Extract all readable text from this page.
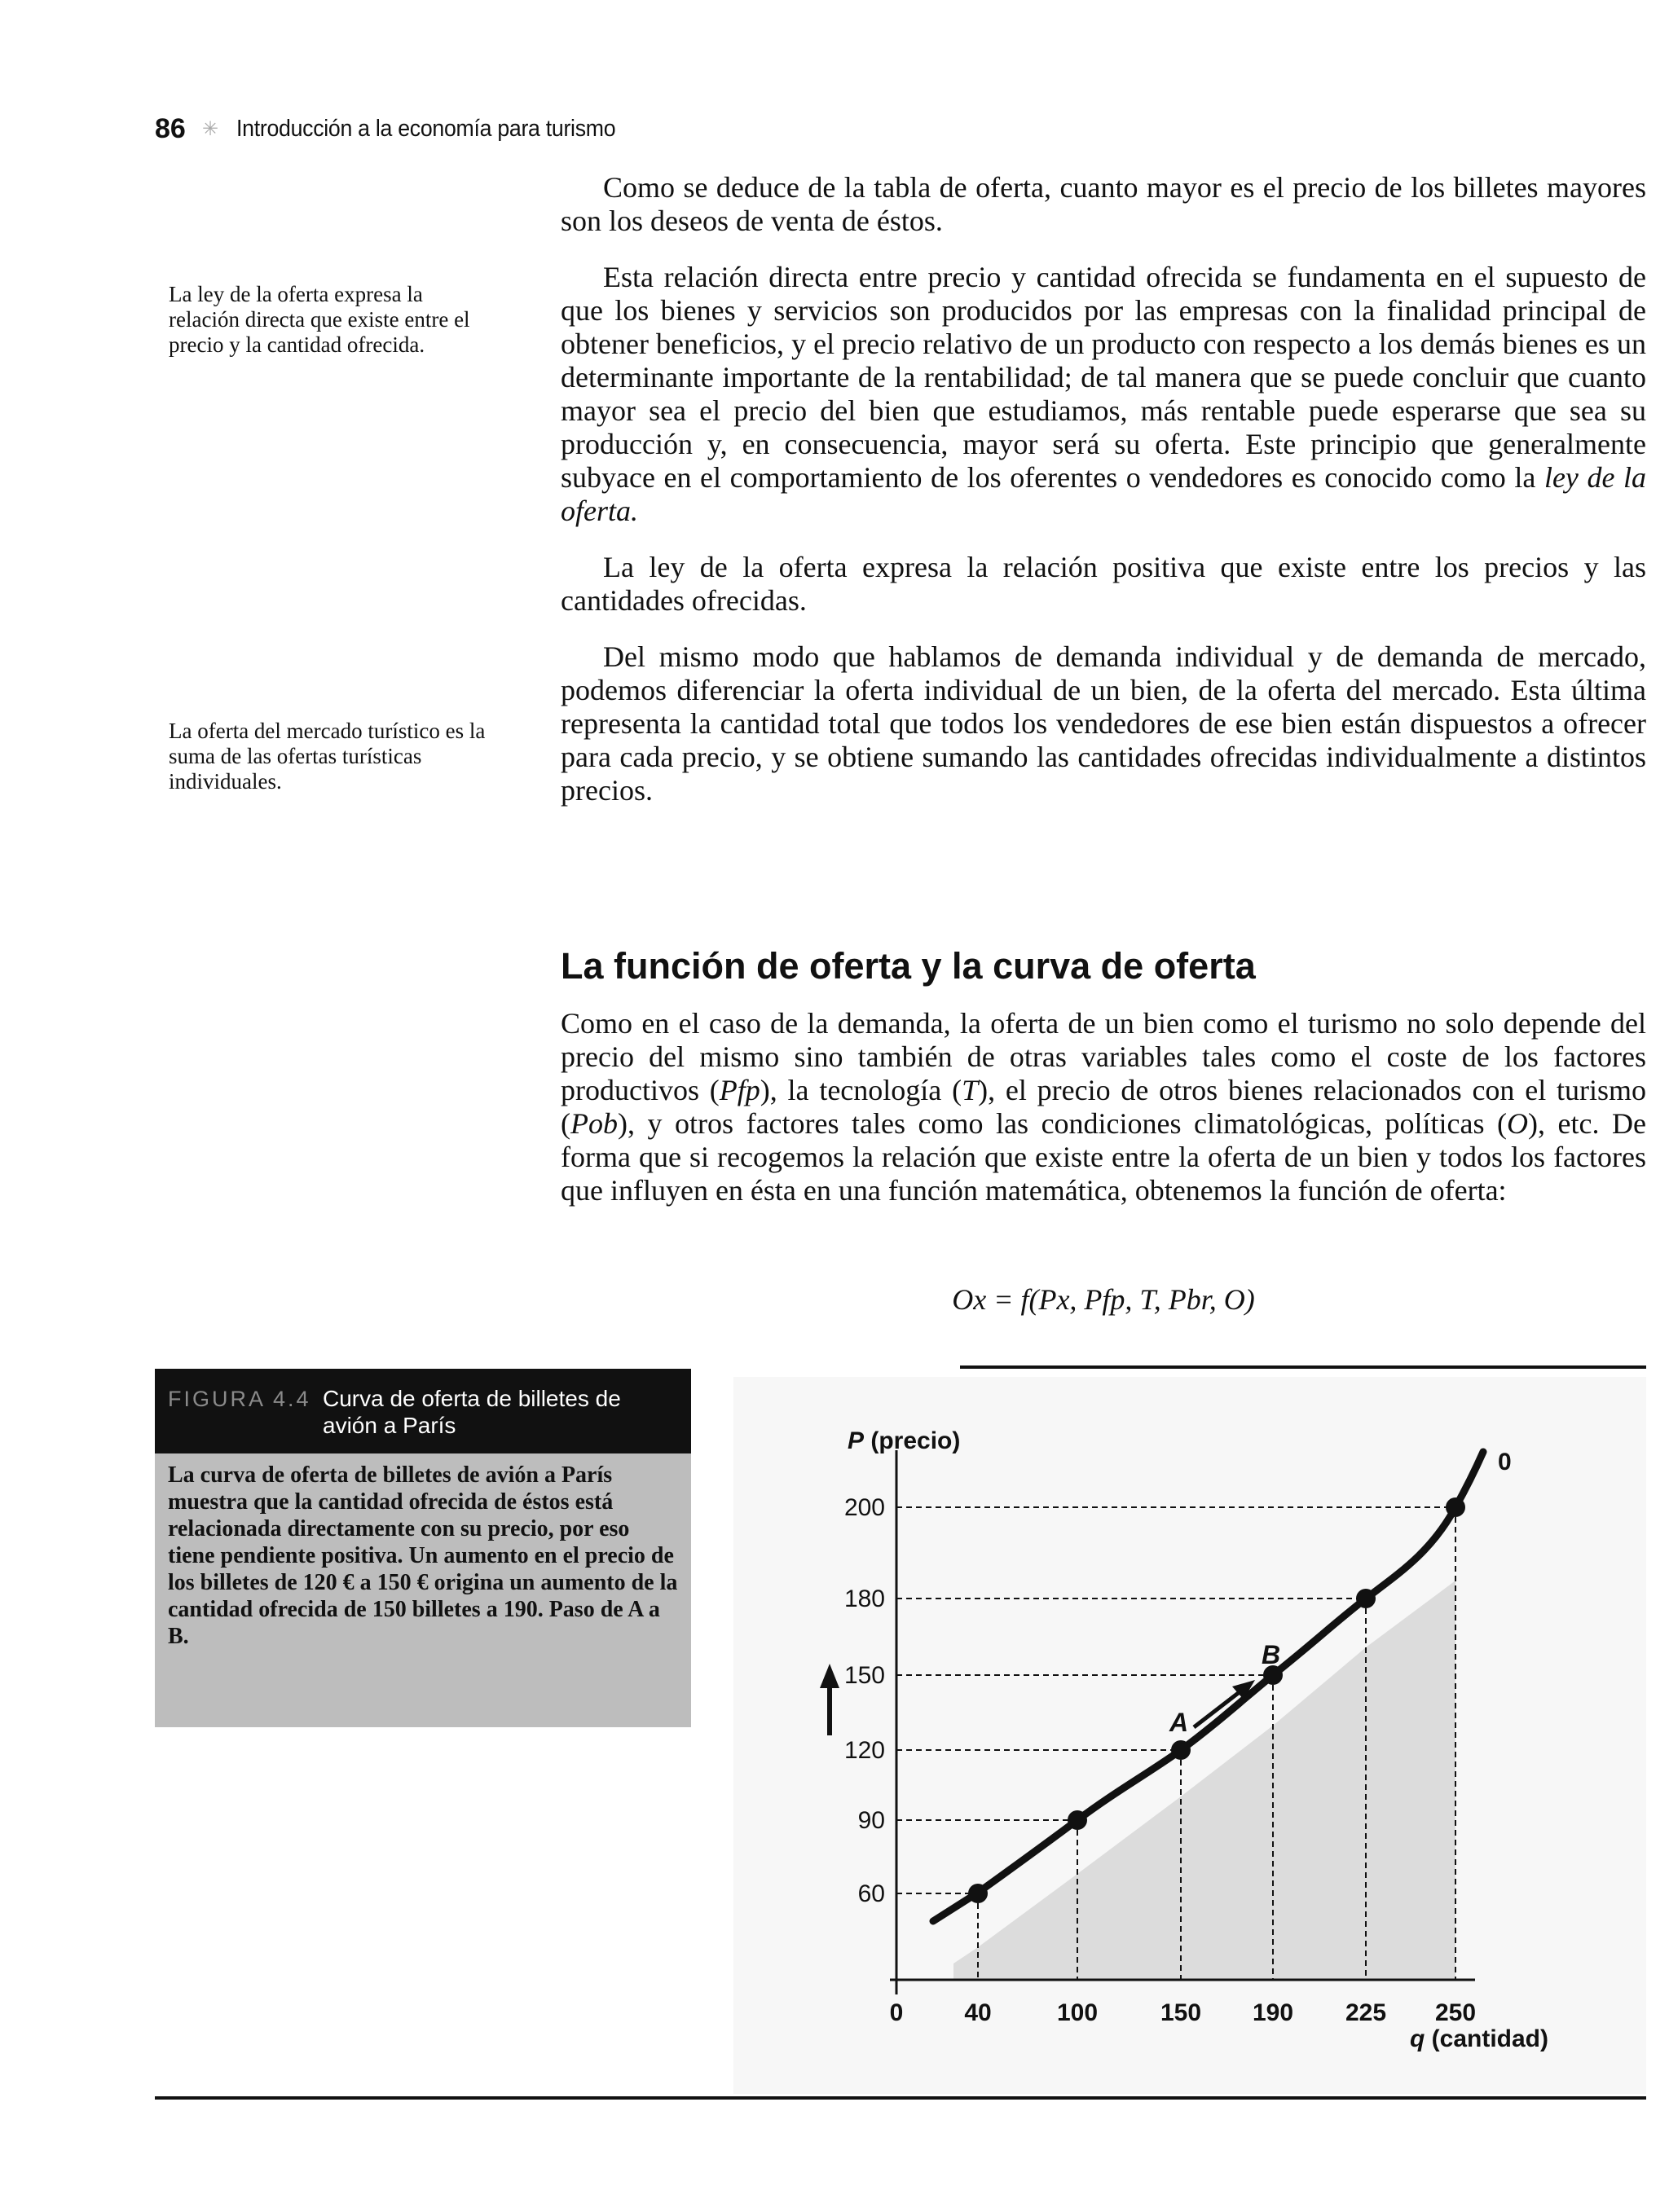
86 ✳ Introducción a la economía para turismo
La ley de la oferta expresa la relación directa que existe entre el precio y la cantidad ofrecida.
La oferta del mercado turístico es la suma de las ofertas turísticas individuales.

Como se deduce de la tabla de oferta, cuanto mayor es el precio de los billetes mayores son los deseos de venta de éstos.

Esta relación directa entre precio y cantidad ofrecida se fundamenta en el supuesto de que los bienes y servicios son producidos por las empresas con la finalidad principal de obtener beneficios, y el precio relativo de un producto con respecto a los demás bienes es un determinante importante de la rentabilidad; de tal manera que se puede concluir que cuanto mayor sea el precio del bien que estudiamos, más rentable puede esperarse que sea su producción y, en consecuencia, mayor será su oferta. Este principio que generalmente subyace en el comportamiento de los oferentes o vendedores es conocido como la ley de la oferta.

La ley de la oferta expresa la relación positiva que existe entre los precios y las cantidades ofrecidas.

Del mismo modo que hablamos de demanda individual y de demanda de mercado, podemos diferenciar la oferta individual de un bien, de la oferta del mercado. Esta última representa la cantidad total que todos los vendedores de ese bien están dispuestos a ofrecer para cada precio, y se obtiene sumando las cantidades ofrecidas individualmente a distintos precios.

La función de oferta y la curva de oferta

Como en el caso de la demanda, la oferta de un bien como el turismo no solo depende del precio del mismo sino también de otras variables tales como el coste de los factores productivos (Pfp), la tecnología (T), el precio de otros bienes relacionados con el turismo (Pob), y otros factores tales como las condiciones climatológicas, políticas (O), etc. De forma que si recogemos la relación que existe entre la oferta de un bien y todos los factores que influyen en ésta en una función matemática, obtenemos la función de oferta:

Ox = f(Px, Pfp, T, Pbr, O)
FIGURA 4.4 Curva de oferta de billetes de avión a París
La curva de oferta de billetes de avión a París muestra que la cantidad ofrecida de éstos está relacionada directamente con su precio, por eso tiene pendiente positiva. Un aumento en el precio de los billetes de 120 € a 150 € origina un aumento de la cantidad ofrecida de 150 billetes a 190. Paso de A a B.
60
90
120
150
180
200
0 40	100	150 190 225 250
P (precio)
q (cantidad)
0
A
B
